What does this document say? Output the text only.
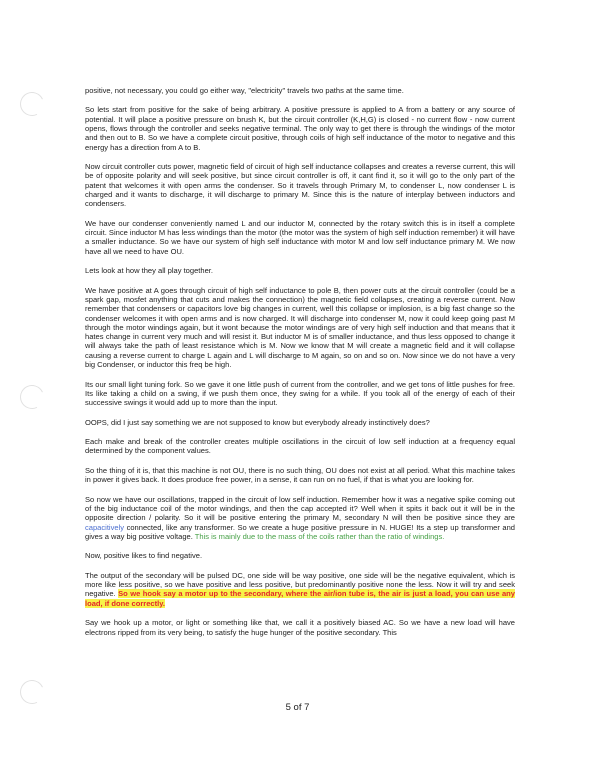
positive, not necessary, you could go either way, "electricity" travels two paths at the same time.

So lets start from positive for the sake of being arbitrary. A positive pressure is applied to A from a battery or any source of potential. It will place a positive pressure on brush K, but the circuit controller (K,H,G) is closed - no current flow - now current opens, flows through the controller and seeks negative terminal. The only way to get there is through the windings of the motor and then out to B. So we have a complete circuit positive, through coils of high self inductance of the motor to negative and this energy has a direction from A to B.

Now circuit controller cuts power, magnetic field of circuit of high self inductance collapses and creates a reverse current, this will be of opposite polarity and will seek positive, but since circuit controller is off, it cant find it, so it will go to the only part of the patent that welcomes it with open arms the condenser. So it travels through Primary M, to condenser L, now condenser L is charged and it wants to discharge, it will discharge to primary M. Since this is the nature of interplay between inductors and condensers.

We have our condenser conveniently named L and our inductor M, connected by the rotary switch this is in itself a complete circuit. Since inductor M has less windings than the motor (the motor was the system of high self induction remember) it will have a smaller inductance. So we have our system of high self inductance with motor M and low self inductance primary M. We now have all we need to have OU.

Lets look at how they all play together.

We have positive at A goes through circuit of high self inductance to pole B, then power cuts at the circuit controller (could be a spark gap, mosfet anything that cuts and makes the connection) the magnetic field collapses, creating a reverse current. Now remember that condensers or capacitors love big changes in current, well this collapse or implosion, is a big fast change so the condenser welcomes it with open arms and is now charged. It will discharge into condenser M, now it could keep going past M through the motor windings again, but it wont because the motor windings are of very high self induction and that means that it hates change in current very much and will resist it. But inductor M is of smaller inductance, and thus less opposed to change it will always take the path of least resistance which is M. Now we know that M will create a magnetic field and it will collapse causing a reverse current to charge L again and L will discharge to M again, so on and so on. Now since we do not have a very big Condenser, or inductor this freq be high.

Its our small light tuning fork. So we gave it one little push of current from the controller, and we get tons of little pushes for free. Its like taking a child on a swing, if we push them once, they swing for a while. If you took all of the energy of each of their successive swings it would add up to more than the input.

OOPS, did I just say something we are not supposed to know but everybody already instinctively does?

Each make and break of the controller creates multiple oscillations in the circuit of low self induction at a frequency equal determined by the component values.

So the thing of it is, that this machine is not OU, there is no such thing, OU does not exist at all period. What this machine takes in power it gives back. It does produce free power, in a sense, it can run on no fuel, if that is what you are looking for.

So now we have our oscillations, trapped in the circuit of low self induction. Remember how it was a negative spike coming out of the big inductance coil of the motor windings, and then the cap accepted it? Well when it spits it back out it will be in the opposite direction / polarity. So it will be positive entering the primary M, secondary N will then be positive since they are capacitively connected, like any transformer. So we create a huge positive pressure in N. HUGE! Its a step up transformer and gives a way big positive voltage. This is mainly due to the mass of the coils rather than the ratio of windings.

Now, positive likes to find negative.

The output of the secondary will be pulsed DC, one side will be way positive, one side will be the negative equivalent, which is more like less positive, so we have positive and less positive, but predominantly positive none the less. Now it will try and seek negative. So we hook say a motor up to the secondary, where the air/ion tube is, the air is just a load, you can use any load, if done correctly.

Say we hook up a motor, or light or something like that, we call it a positively biased AC. So we have a new load will have electrons ripped from its very being, to satisfy the huge hunger of the positive secondary. This

5 of 7
